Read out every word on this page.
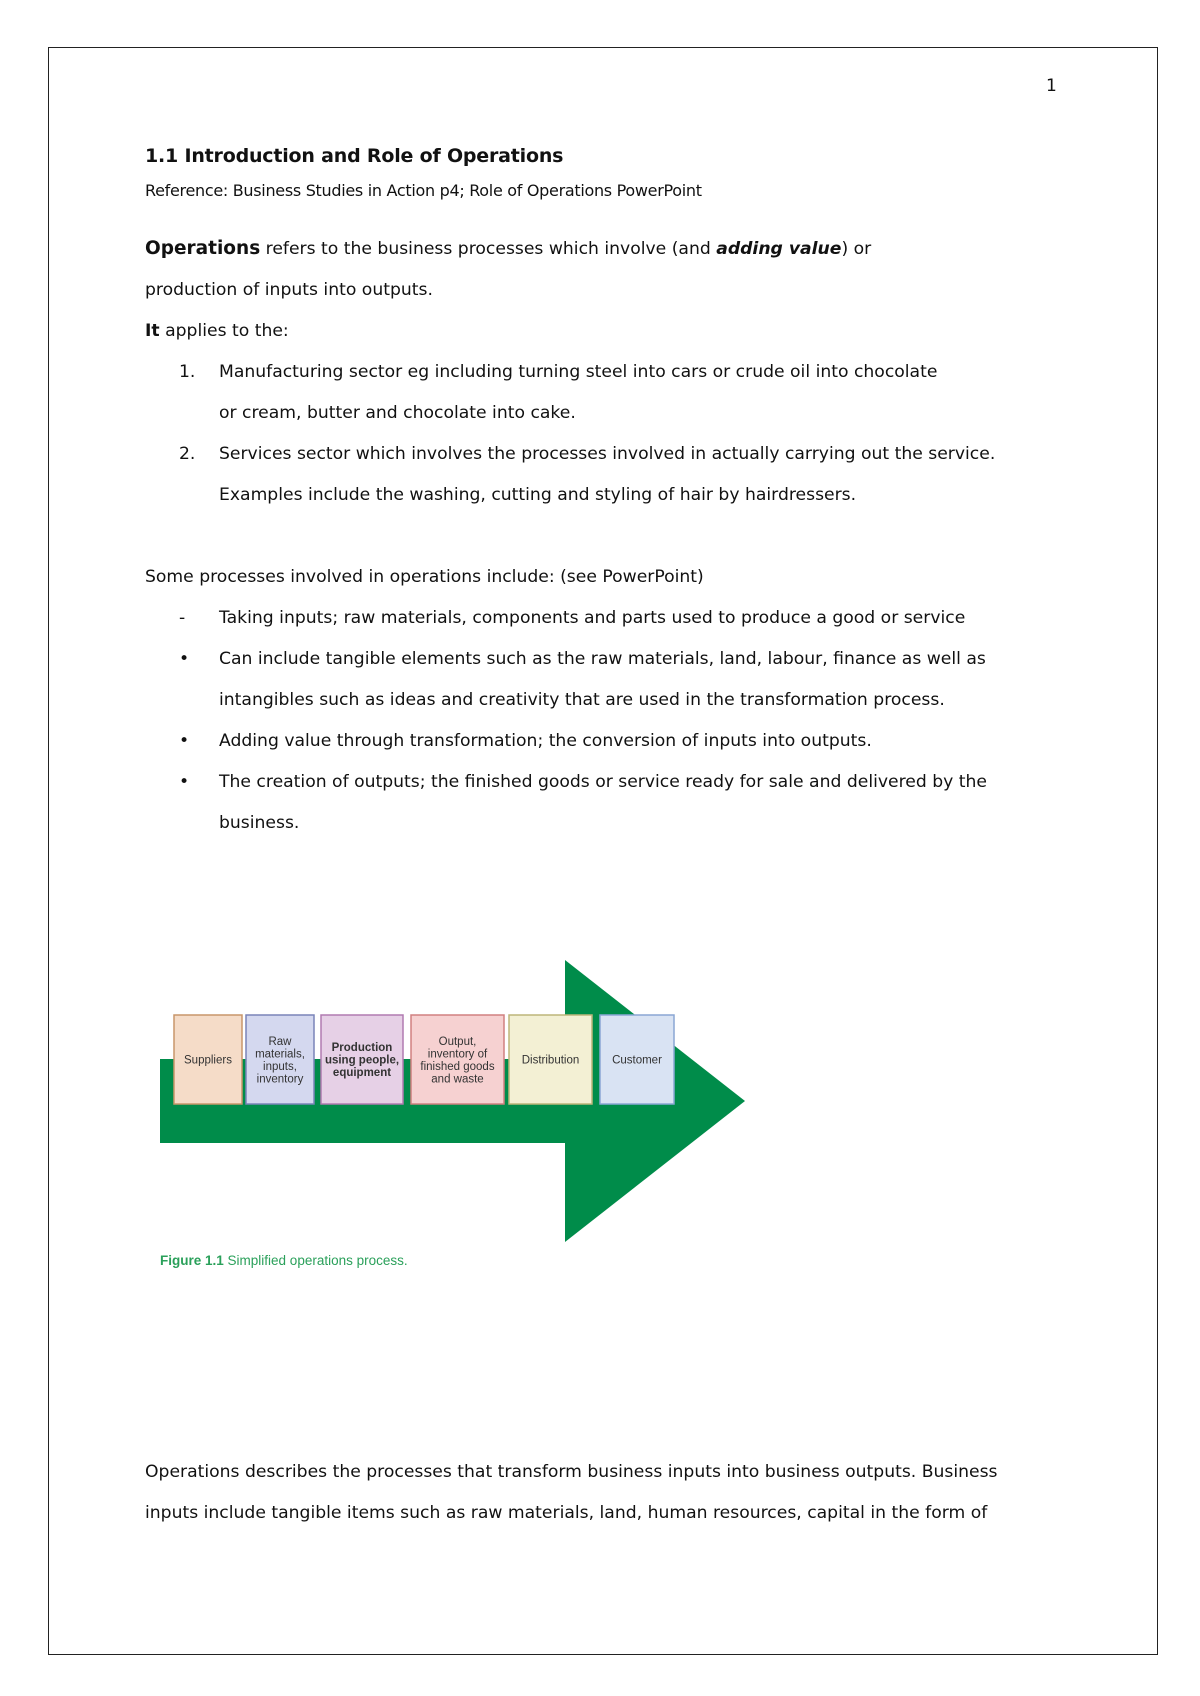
1
1.1 Introduction and Role of Operations

Reference: Business Studies in Action p4; Role of Operations PowerPoint

Operations refers to the business processes which involve (and adding value) or production of inputs into outputs.

It applies to the:

1. Manufacturing sector eg including turning steel into cars or crude oil into chocolate or cream, butter and chocolate into cake.
2. Services sector which involves the processes involved in actually carrying out the service. Examples include the washing, cutting and styling of hair by hairdressers.

Some processes involved in operations include: (see PowerPoint)

- Taking inputs; raw materials, components and parts used to produce a good or service
• Can include tangible elements such as the raw materials, land, labour, finance as well as intangibles such as ideas and creativity that are used in the transformation process.
• Adding value through transformation; the conversion of inputs into outputs.
• The creation of outputs; the finished goods or service ready for sale and delivered by the business.
Suppliers
Raw materials, inputs, inventory
Production using people, equipment
Output, inventory of finished goods and waste
Distribution	Customer
Figure 1.1 Simplified operations process.

Operations describes the processes that transform business inputs into business outputs. Business inputs include tangible items such as raw materials, land, human resources, capital in the form of
